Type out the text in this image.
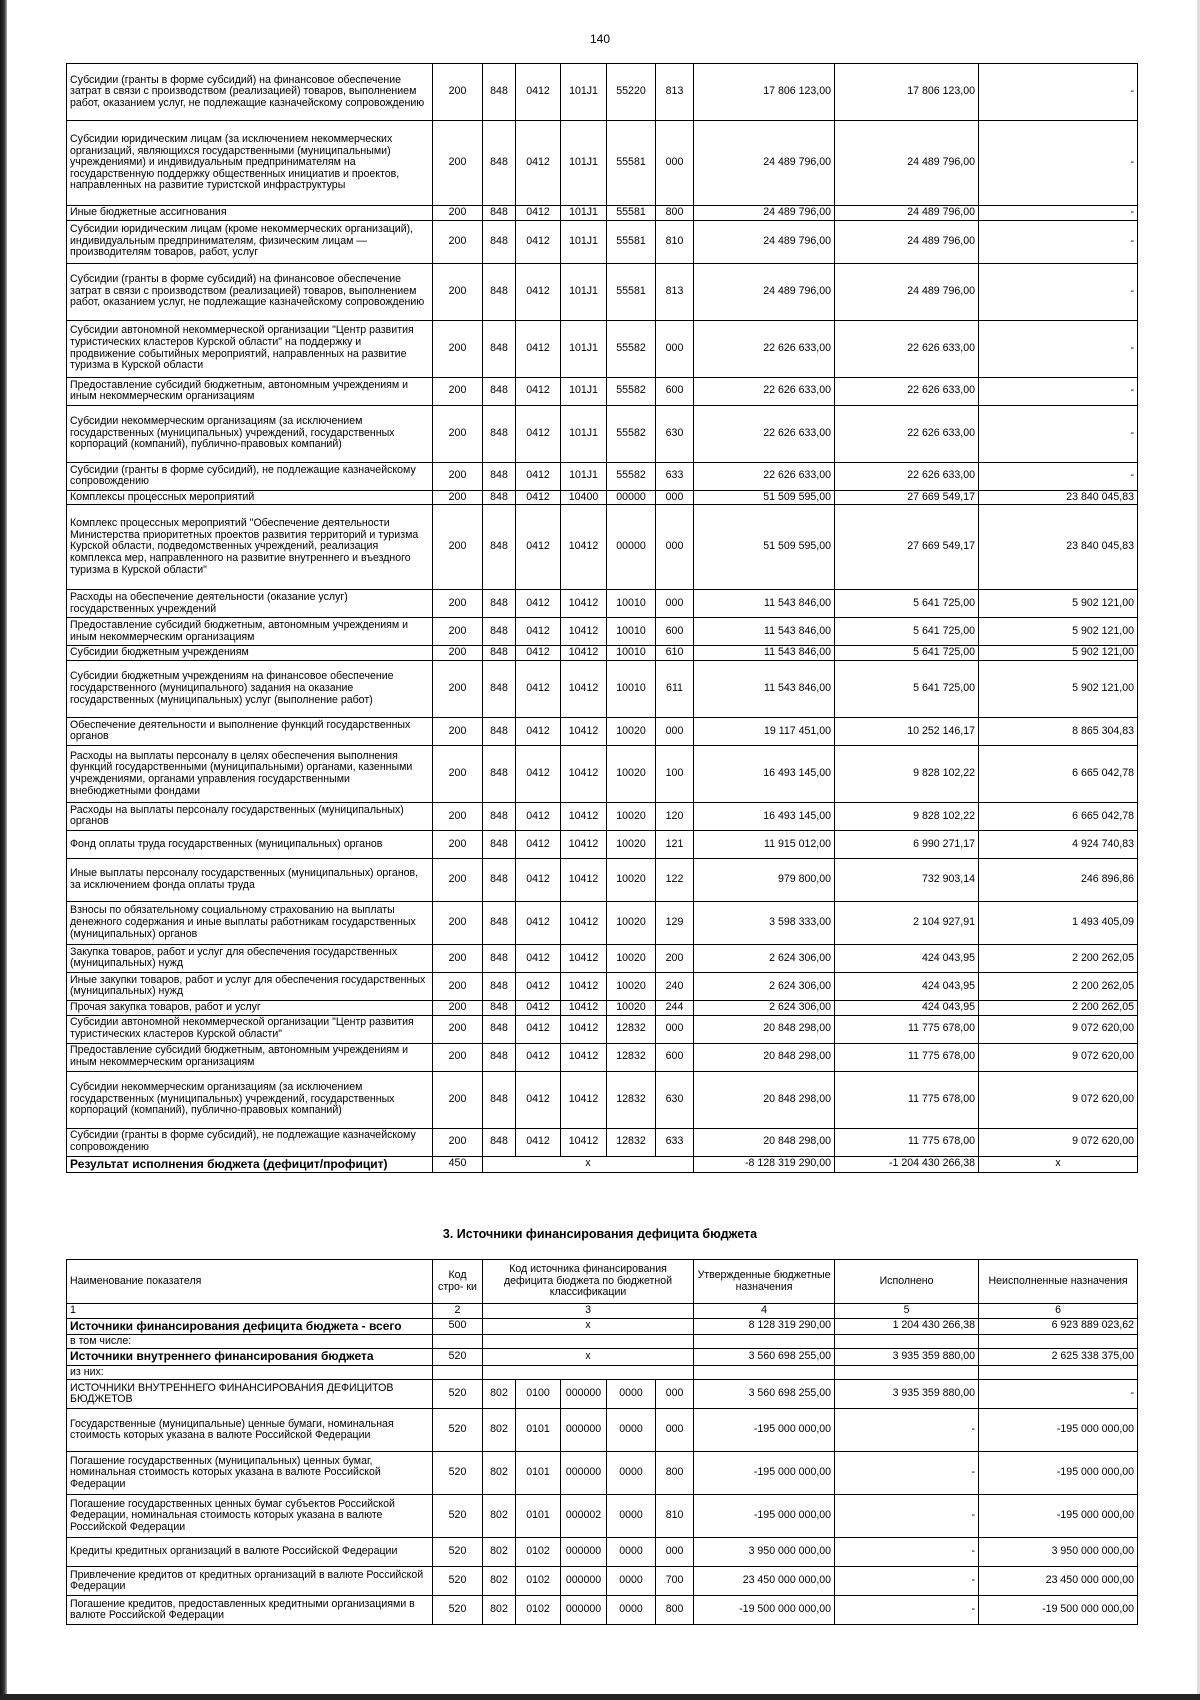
140
Субсидии (гранты в форме субсидий) на финансовое обеспечение затрат в связи с производством (реализацией) товаров, выполнением работ, оказанием услуг, не подлежащие казначейскому сопровождению	200	848	0412	101J1	55220	813	17 806 123,00	17 806 123,00	-
Субсидии юридическим лицам (за исключением некоммерческих организаций, являющихся государственными (муниципальными) учреждениями) и индивидуальным предпринимателям на государственную поддержку общественных инициатив и проектов, направленных на развитие туристской инфраструктуры	200	848	0412	101J1	55581	000	24 489 796,00	24 489 796,00	-
Иные бюджетные ассигнования	200	848	0412	101J1	55581	800	24 489 796,00	24 489 796,00	-
Субсидии юридическим лицам (кроме некоммерческих организаций), индивидуальным предпринимателям, физическим лицам — производителям товаров, работ, услуг	200	848	0412	101J1	55581	810	24 489 796,00	24 489 796,00	-
Субсидии (гранты в форме субсидий) на финансовое обеспечение затрат в связи с производством (реализацией) товаров, выполнением работ, оказанием услуг, не подлежащие казначейскому сопровождению	200	848	0412	101J1	55581	813	24 489 796,00	24 489 796,00	-
Субсидии автономной некоммерческой организации "Центр развития туристических кластеров Курской области" на поддержку и продвижение событийных мероприятий, направленных на развитие туризма в Курской области	200	848	0412	101J1	55582	000	22 626 633,00	22 626 633,00	-
Предоставление субсидий бюджетным, автономным учреждениям и иным некоммерческим организациям	200	848	0412	101J1	55582	600	22 626 633,00	22 626 633,00	-
Субсидии некоммерческим организациям (за исключением государственных (муниципальных) учреждений, государственных корпораций (компаний), публично-правовых компаний)	200	848	0412	101J1	55582	630	22 626 633,00	22 626 633,00	-
Субсидии (гранты в форме субсидий), не подлежащие казначейскому сопровождению	200	848	0412	101J1	55582	633	22 626 633,00	22 626 633,00	-
Комплексы процессных мероприятий	200	848	0412	10400	00000	000	51 509 595,00	27 669 549,17	23 840 045,83
Комплекс процессных мероприятий "Обеспечение деятельности Министерства приоритетных проектов развития территорий и туризма Курской области, подведомственных учреждений, реализация комплекса мер, направленного на развитие внутреннего и въездного туризма в Курской области"	200	848	0412	10412	00000	000	51 509 595,00	27 669 549,17	23 840 045,83
Расходы на обеспечение деятельности (оказание услуг) государственных учреждений	200	848	0412	10412	10010	000	11 543 846,00	5 641 725,00	5 902 121,00
Предоставление субсидий бюджетным, автономным учреждениям и иным некоммерческим организациям	200	848	0412	10412	10010	600	11 543 846,00	5 641 725,00	5 902 121,00
Субсидии бюджетным учреждениям	200	848	0412	10412	10010	610	11 543 846,00	5 641 725,00	5 902 121,00
Субсидии бюджетным учреждениям на финансовое обеспечение государственного (муниципального) задания на оказание государственных (муниципальных) услуг (выполнение работ)	200	848	0412	10412	10010	611	11 543 846,00	5 641 725,00	5 902 121,00
Обеспечение деятельности и выполнение функций государственных органов	200	848	0412	10412	10020	000	19 117 451,00	10 252 146,17	8 865 304,83
Расходы на выплаты персоналу в целях обеспечения выполнения функций государственными (муниципальными) органами, казенными учреждениями, органами управления государственными внебюджетными фондами	200	848	0412	10412	10020	100	16 493 145,00	9 828 102,22	6 665 042,78
Расходы на выплаты персоналу государственных (муниципальных) органов	200	848	0412	10412	10020	120	16 493 145,00	9 828 102,22	6 665 042,78
Фонд оплаты труда государственных (муниципальных) органов	200	848	0412	10412	10020	121	11 915 012,00	6 990 271,17	4 924 740,83
Иные выплаты персоналу государственных (муниципальных) органов, за исключением фонда оплаты труда	200	848	0412	10412	10020	122	979 800,00	732 903,14	246 896,86
Взносы по обязательному социальному страхованию на выплаты денежного содержания и иные выплаты работникам государственных (муниципальных) органов	200	848	0412	10412	10020	129	3 598 333,00	2 104 927,91	1 493 405,09
Закупка товаров, работ и услуг для обеспечения государственных (муниципальных) нужд	200	848	0412	10412	10020	200	2 624 306,00	424 043,95	2 200 262,05
Иные закупки товаров, работ и услуг для обеспечения государственных (муниципальных) нужд	200	848	0412	10412	10020	240	2 624 306,00	424 043,95	2 200 262,05
Прочая закупка товаров, работ и услуг	200	848	0412	10412	10020	244	2 624 306,00	424 043,95	2 200 262,05
Субсидии автономной некоммерческой организации "Центр развития туристических кластеров Курской области"	200	848	0412	10412	12832	000	20 848 298,00	11 775 678,00	9 072 620,00
Предоставление субсидий бюджетным, автономным учреждениям и иным некоммерческим организациям	200	848	0412	10412	12832	600	20 848 298,00	11 775 678,00	9 072 620,00
Субсидии некоммерческим организациям (за исключением государственных (муниципальных) учреждений, государственных корпораций (компаний), публично-правовых компаний)	200	848	0412	10412	12832	630	20 848 298,00	11 775 678,00	9 072 620,00
Субсидии (гранты в форме субсидий), не подлежащие казначейскому сопровождению	200	848	0412	10412	12832	633	20 848 298,00	11 775 678,00	9 072 620,00
Результат исполнения бюджета (дефицит/профицит)	450	x					-8 128 319 290,00	-1 204 430 266,38	x
3. Источники финансирования дефицита бюджета
Наименование показателя	Код стро- ки	Код источника финансирования дефицита бюджета по бюджетной классификации					Утвержденные бюджетные назначения	Исполнено	Неисполненные назначения
1	2	3					4	5	6
Источники финансирования дефицита бюджета - всего	500	x					8 128 319 290,00	1 204 430 266,38	6 923 889 023,62
в том числе:									
Источники внутреннего финансирования бюджета	520	x					3 560 698 255,00	3 935 359 880,00	2 625 338 375,00
из них:									
ИСТОЧНИКИ ВНУТРЕННЕГО ФИНАНСИРОВАНИЯ ДЕФИЦИТОВ БЮДЖЕТОВ	520	802	0100	000000	0000	000	3 560 698 255,00	3 935 359 880,00	-
Государственные (муниципальные) ценные бумаги, номинальная стоимость которых указана в валюте Российской Федерации	520	802	0101	000000	0000	000	-195 000 000,00	-	-195 000 000,00
Погашение государственных (муниципальных) ценных бумаг, номинальная стоимость которых указана в валюте Российской Федерации	520	802	0101	000000	0000	800	-195 000 000,00	-	-195 000 000,00
Погашение государственных ценных бумаг субъектов Российской Федерации, номинальная стоимость которых указана в валюте Российской Федерации	520	802	0101	000002	0000	810	-195 000 000,00	-	-195 000 000,00
Кредиты кредитных организаций в валюте Российской Федерации	520	802	0102	000000	0000	000	3 950 000 000,00	-	3 950 000 000,00
Привлечение кредитов от кредитных организаций в валюте Российской Федерации	520	802	0102	000000	0000	700	23 450 000 000,00	-	23 450 000 000,00
Погашение кредитов, предоставленных кредитными организациями в валюте Российской Федерации	520	802	0102	000000	0000	800	-19 500 000 000,00	-	-19 500 000 000,00
